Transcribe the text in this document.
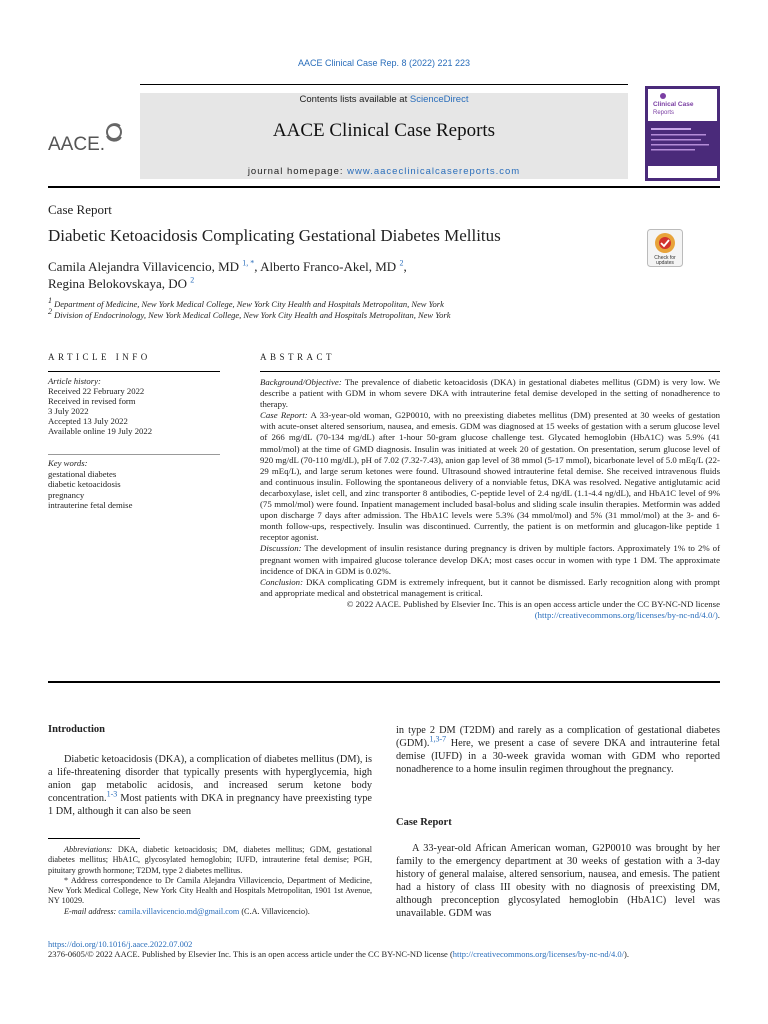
AACE Clinical Case Rep. 8 (2022) 221 223
Contents lists available at ScienceDirect
AACE Clinical Case Reports
journal homepage: www.aaceclinicalcasereports.com
AACE.
Clinical Case
Reports
Case Report
Diabetic Ketoacidosis Complicating Gestational Diabetes Mellitus
Check for
updates
Camila Alejandra Villavicencio, MD $^{1, *}$, Alberto Franco-Akel, MD $^2$,
Regina Belokovskaya, DO $^2$
$^1$ Department of Medicine, New York Medical College, New York City Health and Hospitals Metropolitan, New York
$^2$ Division of Endocrinology, New York Medical College, New York City Health and Hospitals Metropolitan, New York
ARTICLE INFO	ABSTRACT
Article history:
Received 22 February 2022
Received in revised form
3 July 2022
Accepted 13 July 2022
Available online 19 July 2022
Key words:
gestational diabetes
diabetic ketoacidosis
pregnancy
intrauterine fetal demise

Background/Objective: The prevalence of diabetic ketoacidosis (DKA) in gestational diabetes mellitus (GDM) is very low. We describe a patient with GDM in whom severe DKA with intrauterine fetal demise developed in the setting of nonadherence to therapy.

Case Report: A 33-year-old woman, G2P0010, with no preexisting diabetes mellitus (DM) presented at 30 weeks of gestation with acute-onset altered sensorium, nausea, and emesis. GDM was diagnosed at 15 weeks of gestation with a serum glucose level of 266 mg/dL (70-134 mg/dL) after 1-hour 50-gram glucose challenge test. Glycated hemoglobin (HbA1C) was 5.9% (41 mmol/mol) at the time of GMD diagnosis. Insulin was initiated at week 20 of gestation. On presentation, serum glucose level of 920 mg/dL (70-110 mg/dL), pH of 7.02 (7.32-7.43), anion gap level of 38 mmol (5-17 mmol), bicarbonate level of 5.0 mEq/L (22-29 mEq/L), and large serum ketones were found. Ultrasound showed intrauterine fetal demise. She received intravenous fluids and continuous insulin. Following the spontaneous delivery of a nonviable fetus, DKA was resolved. Negative antiglutamic acid decarboxylase, islet cell, and zinc transporter 8 antibodies, C-peptide level of 2.4 ng/dL (1.1-4.4 ng/dL), and HbA1C level of 9% (75 mmol/mol) were found. Inpatient management included basal-bolus and sliding scale insulin therapies. Metformin was added upon discharge 7 days after admission. The HbA1C levels were 5.3% (34 mmol/mol) and 5% (31 mmol/mol) at the 3- and 6-month follow-ups, respectively. Insulin was discontinued. Currently, the patient is on metformin and glucagon-like peptide 1 receptor agonist.

Discussion: The development of insulin resistance during pregnancy is driven by multiple factors. Approximately 1% to 2% of pregnant women with impaired glucose tolerance develop DKA; most cases occur in women with type 1 DM. The approximate incidence of DKA in GDM is 0.02%.

Conclusion: DKA complicating GDM is extremely infrequent, but it cannot be dismissed. Early recognition along with prompt and appropriate medical and obstetrical management is critical.

© 2022 AACE. Published by Elsevier Inc. This is an open access article under the CC BY-NC-ND license
(http://creativecommons.org/licenses/by-nc-nd/4.0/).

Introduction

Diabetic ketoacidosis (DKA), a complication of diabetes mellitus (DM), is a life-threatening disorder that typically presents with hyperglycemia, high anion gap metabolic acidosis, and increased serum ketone body concentration.$^{1-3}$ Most patients with DKA in pregnancy have preexisting type 1 DM, although it can also be seen

Abbreviations: DKA, diabetic ketoacidosis; DM, diabetes mellitus; GDM, gestational diabetes mellitus; HbA1C, glycosylated hemoglobin; IUFD, intrauterine fetal demise; PGH, pituitary growth hormone; T2DM, type 2 diabetes mellitus.

* Address correspondence to Dr Camila Alejandra Villavicencio, Department of Medicine, New York Medical College, New York City Health and Hospitals Metropolitan, 1901 1st Avenue, NY 10029.

E-mail address: camila.villavicencio.md@gmail.com (C.A. Villavicencio).

in type 2 DM (T2DM) and rarely as a complication of gestational diabetes (GDM).$^{1,3-7}$ Here, we present a case of severe DKA and intrauterine fetal demise (IUFD) in a 30-week gravida woman with GDM who reported nonadherence to a home insulin regimen throughout the pregnancy.

Case Report

A 33-year-old African American woman, G2P0010 was brought by her family to the emergency department at 30 weeks of gestation with a 3-day history of general malaise, altered sensorium, nausea, and emesis. The patient had a history of class III obesity with no diagnosis of preexisting DM, although preconception glycosylated hemoglobin (HbA1C) level was unavailable. GDM was

https://doi.org/10.1016/j.aace.2022.07.002
2376-0605/© 2022 AACE. Published by Elsevier Inc. This is an open access article under the CC BY-NC-ND license (http://creativecommons.org/licenses/by-nc-nd/4.0/).
